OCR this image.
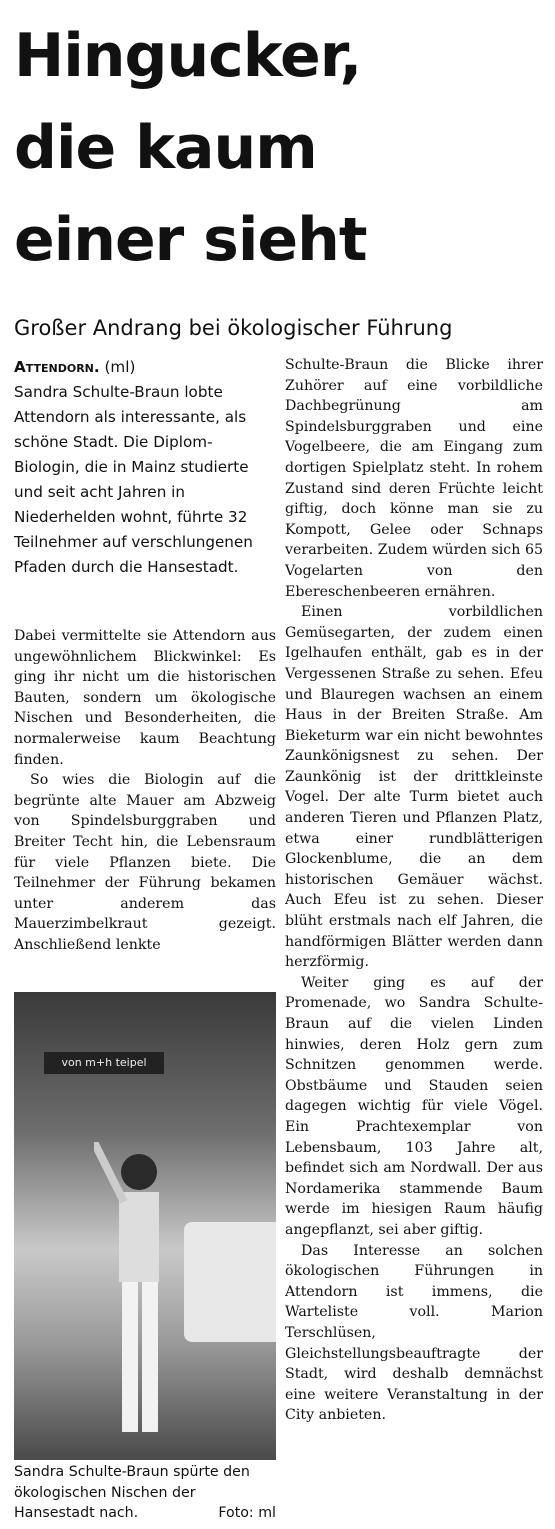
Hingucker,
die kaum
einer sieht
Großer Andrang bei ökologischer Führung
Attendorn. (ml)
Sandra Schulte-Braun lobte Attendorn als interessante, als schöne Stadt. Die Diplom-Biologin, die in Mainz studierte und seit acht Jahren in Niederhelden wohnt, führte 32 Teilnehmer auf verschlungenen Pfaden durch die Hansestadt.

Dabei vermittelte sie Attendorn aus ungewöhnlichem Blickwinkel: Es ging ihr nicht um die historischen Bauten, sondern um ökologische Nischen und Besonderheiten, die normalerweise kaum Beachtung finden.

So wies die Biologin auf die begrünte alte Mauer am Abzweig von Spindelsburggraben und Breiter Techt hin, die Lebensraum für viele Pflanzen biete. Die Teilnehmer der Führung bekamen unter anderem das Mauerzimbelkraut gezeigt. Anschließend lenkte

von m+h teipel
Sandra Schulte-Braun spürte den ökologischen Nischen der Hansestadt nach.	Foto: ml

Schulte-Braun die Blicke ihrer Zuhörer auf eine vorbildliche Dachbegrünung am Spindelsburggraben und eine Vogelbeere, die am Eingang zum dortigen Spielplatz steht. In rohem Zustand sind deren Früchte leicht giftig, doch könne man sie zu Kompott, Gelee oder Schnaps verarbeiten. Zudem würden sich 65 Vogelarten von den Ebereschenbeeren ernähren.

Einen vorbildlichen Gemüsegarten, der zudem einen Igelhaufen enthält, gab es in der Vergessenen Straße zu sehen. Efeu und Blauregen wachsen an einem Haus in der Breiten Straße. Am Bieketurm war ein nicht bewohntes Zaunkönigsnest zu sehen. Der Zaunkönig ist der drittkleinste Vogel. Der alte Turm bietet auch anderen Tieren und Pflanzen Platz, etwa einer rundblätterigen Glockenblume, die an dem historischen Gemäuer wächst. Auch Efeu ist zu sehen. Dieser blüht erstmals nach elf Jahren, die handförmigen Blätter werden dann herzförmig.

Weiter ging es auf der Promenade, wo Sandra Schulte-Braun auf die vielen Linden hinwies, deren Holz gern zum Schnitzen genommen werde. Obstbäume und Stauden seien dagegen wichtig für viele Vögel. Ein Prachtexemplar von Lebensbaum, 103 Jahre alt, befindet sich am Nordwall. Der aus Nordamerika stammende Baum werde im hiesigen Raum häufig angepflanzt, sei aber giftig.

Das Interesse an solchen ökologischen Führungen in Attendorn ist immens, die Warteliste voll. Marion Terschlüsen, Gleichstellungsbeauftragte der Stadt, wird deshalb demnächst eine weitere Veranstaltung in der City anbieten.
